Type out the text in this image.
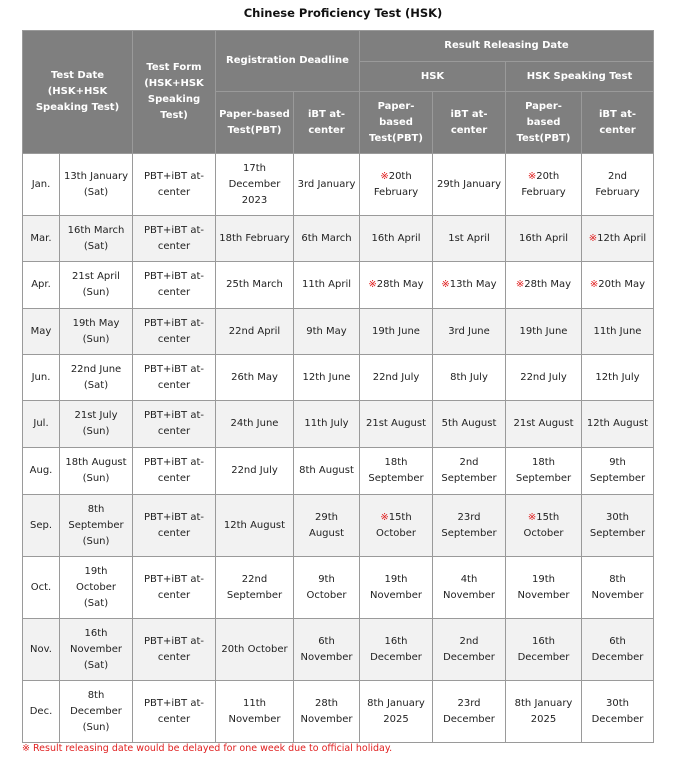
Chinese Proficiency Test (HSK)
Test Date (HSK+HSK Speaking Test)		Test Form (HSK+HSK Speaking Test)	Registration Deadline		Result Releasing Date			
					HSK		HSK Speaking Test	
			Paper-based Test(PBT)	iBT at-center	Paper-based Test(PBT)	iBT at-center	Paper-based Test(PBT)	iBT at-center
Jan.	13th January (Sat)	PBT+iBT at-center	17th December 2023	3rd January	※20th February	29th January	※20th February	2nd February
Mar.	16th March (Sat)	PBT+iBT at-center	18th February	6th March	16th April	1st April	16th April	※12th April
Apr.	21st April (Sun)	PBT+iBT at-center	25th March	11th April	※28th May	※13th May	※28th May	※20th May
May	19th May (Sun)	PBT+iBT at-center	22nd April	9th May	19th June	3rd June	19th June	11th June
Jun.	22nd June (Sat)	PBT+iBT at-center	26th May	12th June	22nd July	8th July	22nd July	12th July
Jul.	21st July (Sun)	PBT+iBT at-center	24th June	11th July	21st August	5th August	21st August	12th August
Aug.	18th August (Sun)	PBT+iBT at-center	22nd July	8th August	18th September	2nd September	18th September	9th September
Sep.	8th September (Sun)	PBT+iBT at-center	12th August	29th August	※15th October	23rd September	※15th October	30th September
Oct.	19th October (Sat)	PBT+iBT at-center	22nd September	9th October	19th November	4th November	19th November	8th November
Nov.	16th November (Sat)	PBT+iBT at-center	20th October	6th November	16th December	2nd December	16th December	6th December
Dec.	8th December (Sun)	PBT+iBT at-center	11th November	28th November	8th January 2025	23rd December	8th January 2025	30th December
※ Result releasing date would be delayed for one week due to official holiday.
